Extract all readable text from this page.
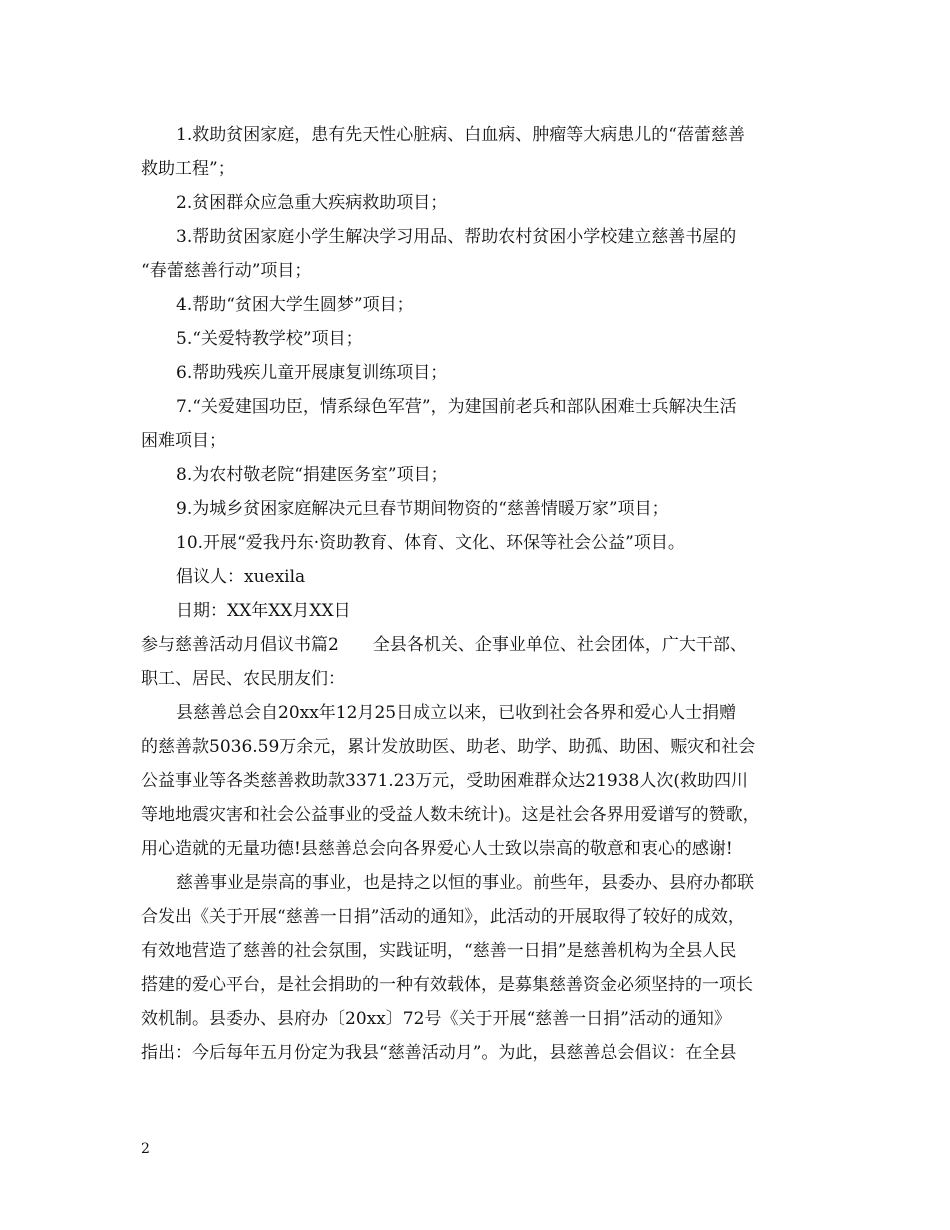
1.救助贫困家庭，患有先天性心脏病、白血病、肿瘤等大病患儿的“蓓蕾慈善
救助工程”；
2.贫困群众应急重大疾病救助项目；
3.帮助贫困家庭小学生解决学习用品、帮助农村贫困小学校建立慈善书屋的
“春蕾慈善行动”项目；
4.帮助“贫困大学生圆梦”项目；
5.“关爱特教学校”项目；
6.帮助残疾儿童开展康复训练项目；
7.“关爱建国功臣，情系绿色军营”，为建国前老兵和部队困难士兵解决生活
困难项目；
8.为农村敬老院“捐建医务室”项目；
9.为城乡贫困家庭解决元旦春节期间物资的“慈善情暖万家”项目；
10.开展“爱我丹东·资助教育、体育、文化、环保等社会公益”项目。
倡议人：xuexila
日期：XX年XX月XX日
参与慈善活动月倡议书篇2　　全县各机关、企事业单位、社会团体，广大干部、
职工、居民、农民朋友们：
县慈善总会自20xx年12月25日成立以来，已收到社会各界和爱心人士捐赠
的慈善款5036.59万余元，累计发放助医、助老、助学、助孤、助困、赈灾和社会
公益事业等各类慈善救助款3371.23万元，受助困难群众达21938人次(救助四川
等地地震灾害和社会公益事业的受益人数未统计)。这是社会各界用爱谱写的赞歌，
用心造就的无量功德!县慈善总会向各界爱心人士致以崇高的敬意和衷心的感谢!
慈善事业是崇高的事业，也是持之以恒的事业。前些年，县委办、县府办都联
合发出《关于开展“慈善一日捐”活动的通知》，此活动的开展取得了较好的成效，
有效地营造了慈善的社会氛围，实践证明，“慈善一日捐”是慈善机构为全县人民
搭建的爱心平台，是社会捐助的一种有效载体，是募集慈善资金必须坚持的一项长
效机制。县委办、县府办〔20xx〕72号《关于开展“慈善一日捐”活动的通知》
指出：今后每年五月份定为我县“慈善活动月”。为此，县慈善总会倡议：在全县
2
